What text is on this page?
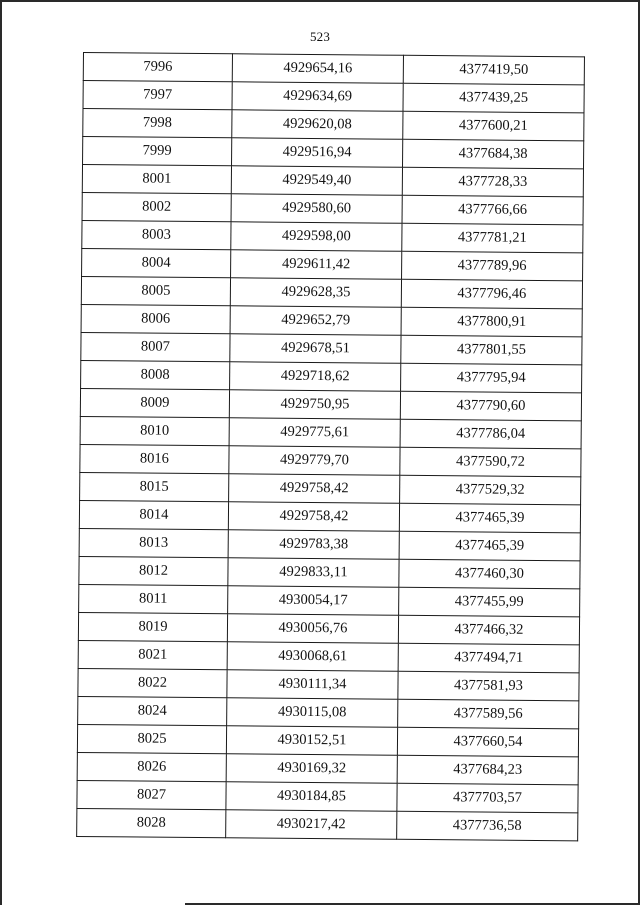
523
7996	4929654,16	4377419,50
7997	4929634,69	4377439,25
7998	4929620,08	4377600,21
7999	4929516,94	4377684,38
8001	4929549,40	4377728,33
8002	4929580,60	4377766,66
8003	4929598,00	4377781,21
8004	4929611,42	4377789,96
8005	4929628,35	4377796,46
8006	4929652,79	4377800,91
8007	4929678,51	4377801,55
8008	4929718,62	4377795,94
8009	4929750,95	4377790,60
8010	4929775,61	4377786,04
8016	4929779,70	4377590,72
8015	4929758,42	4377529,32
8014	4929758,42	4377465,39
8013	4929783,38	4377465,39
8012	4929833,11	4377460,30
8011	4930054,17	4377455,99
8019	4930056,76	4377466,32
8021	4930068,61	4377494,71
8022	4930111,34	4377581,93
8024	4930115,08	4377589,56
8025	4930152,51	4377660,54
8026	4930169,32	4377684,23
8027	4930184,85	4377703,57
8028	4930217,42	4377736,58
